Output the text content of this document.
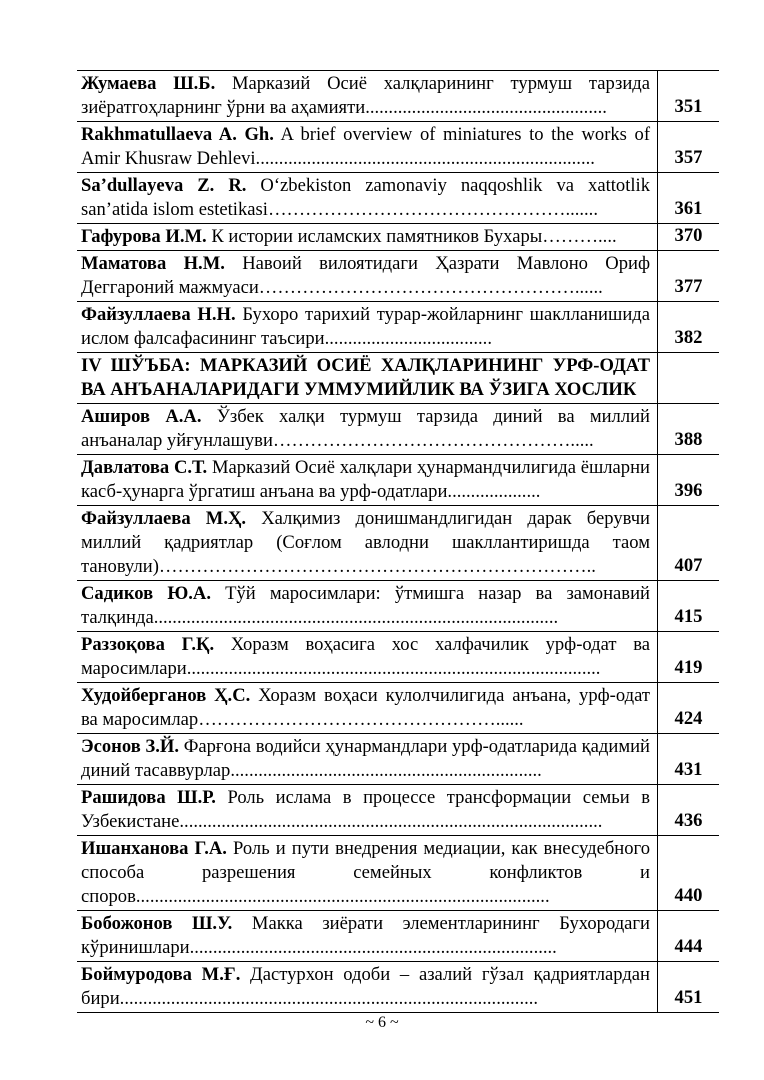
Жумаева Ш.Б. Марказий Осиё халқларининг турмуш тарзида зиёратгоҳларнинг ўрни ва аҳамияти....................................................	351
Rakhmatullaeva A. Gh. A brief overview of miniatures to the works of Amir Khusraw Dehlevi.........................................................................	357
Sa’dullayeva Z. R. O‘zbekiston zamonaviy naqqoshlik va xattotlik san’atida islom estetikasi………………………………………….......	361
Гафурова И.М. К истории исламских памятников Бухары………....	370
Маматова Н.М. Навоий вилоятидаги Ҳазрати Мавлоно Ориф Деггароний мажмуаси……………………………………………......	377
Файзуллаева Н.Н. Бухоро тарихий турар-жойларнинг шаклланишида ислом фалсафасининг таъсири....................................	382
IV ШЎЪБА: МАРКАЗИЙ ОСИЁ ХАЛҚЛАРИНИНГ УРФ-ОДАТ ВА АНЪАНАЛАРИДАГИ УММУМИЙЛИК ВА ЎЗИГА ХОСЛИК	
Аширов А.А. Ўзбек халқи турмуш тарзида диний ва миллий анъаналар уйғунлашуви………………………………………….....	388
Давлатова С.Т. Марказий Осиё халқлари ҳунармандчилигида ёшларни касб-ҳунарга ўргатиш анъана ва урф-одатлари....................	396
Файзуллаева М.Ҳ. Халқимиз донишмандлигидан дарак берувчи миллий қадриятлар (Соғлом авлодни шакллантиришда таом тановули)……………………………………………………………..	407
Садиков Ю.А. Тўй маросимлари: ўтмишга назар ва замонавий талқинда.......................................................................................	415
Раззоқова Г.Қ. Хоразм воҳасига хос халфачилик урф-одат ва маросимлари.........................................................................................	419
Худойберганов Ҳ.С. Хоразм воҳаси кулолчилигида анъана, урф-одат ва маросимлар…………………………………………......	424
Эсонов З.Й. Фарғона водийси ҳунармандлари урф-одатларида қадимий диний тасаввурлар...................................................................	431
Рашидова Ш.Р. Роль ислама в процессе трансформации семьи в Узбекистане...........................................................................................	436
Ишанханова Г.А. Роль и пути внедрения медиации, как внесудебного способа разрешения семейных конфликтов и споров.........................................................................................	440
Бобожонов Ш.У. Макка зиёрати элементларининг Бухородаги кўринишлари...............................................................................	444
Боймуродова М.Ғ. Дастурхон одоби – азалий гўзал қадриятлардан бири..........................................................................................	451
~ 6 ~
